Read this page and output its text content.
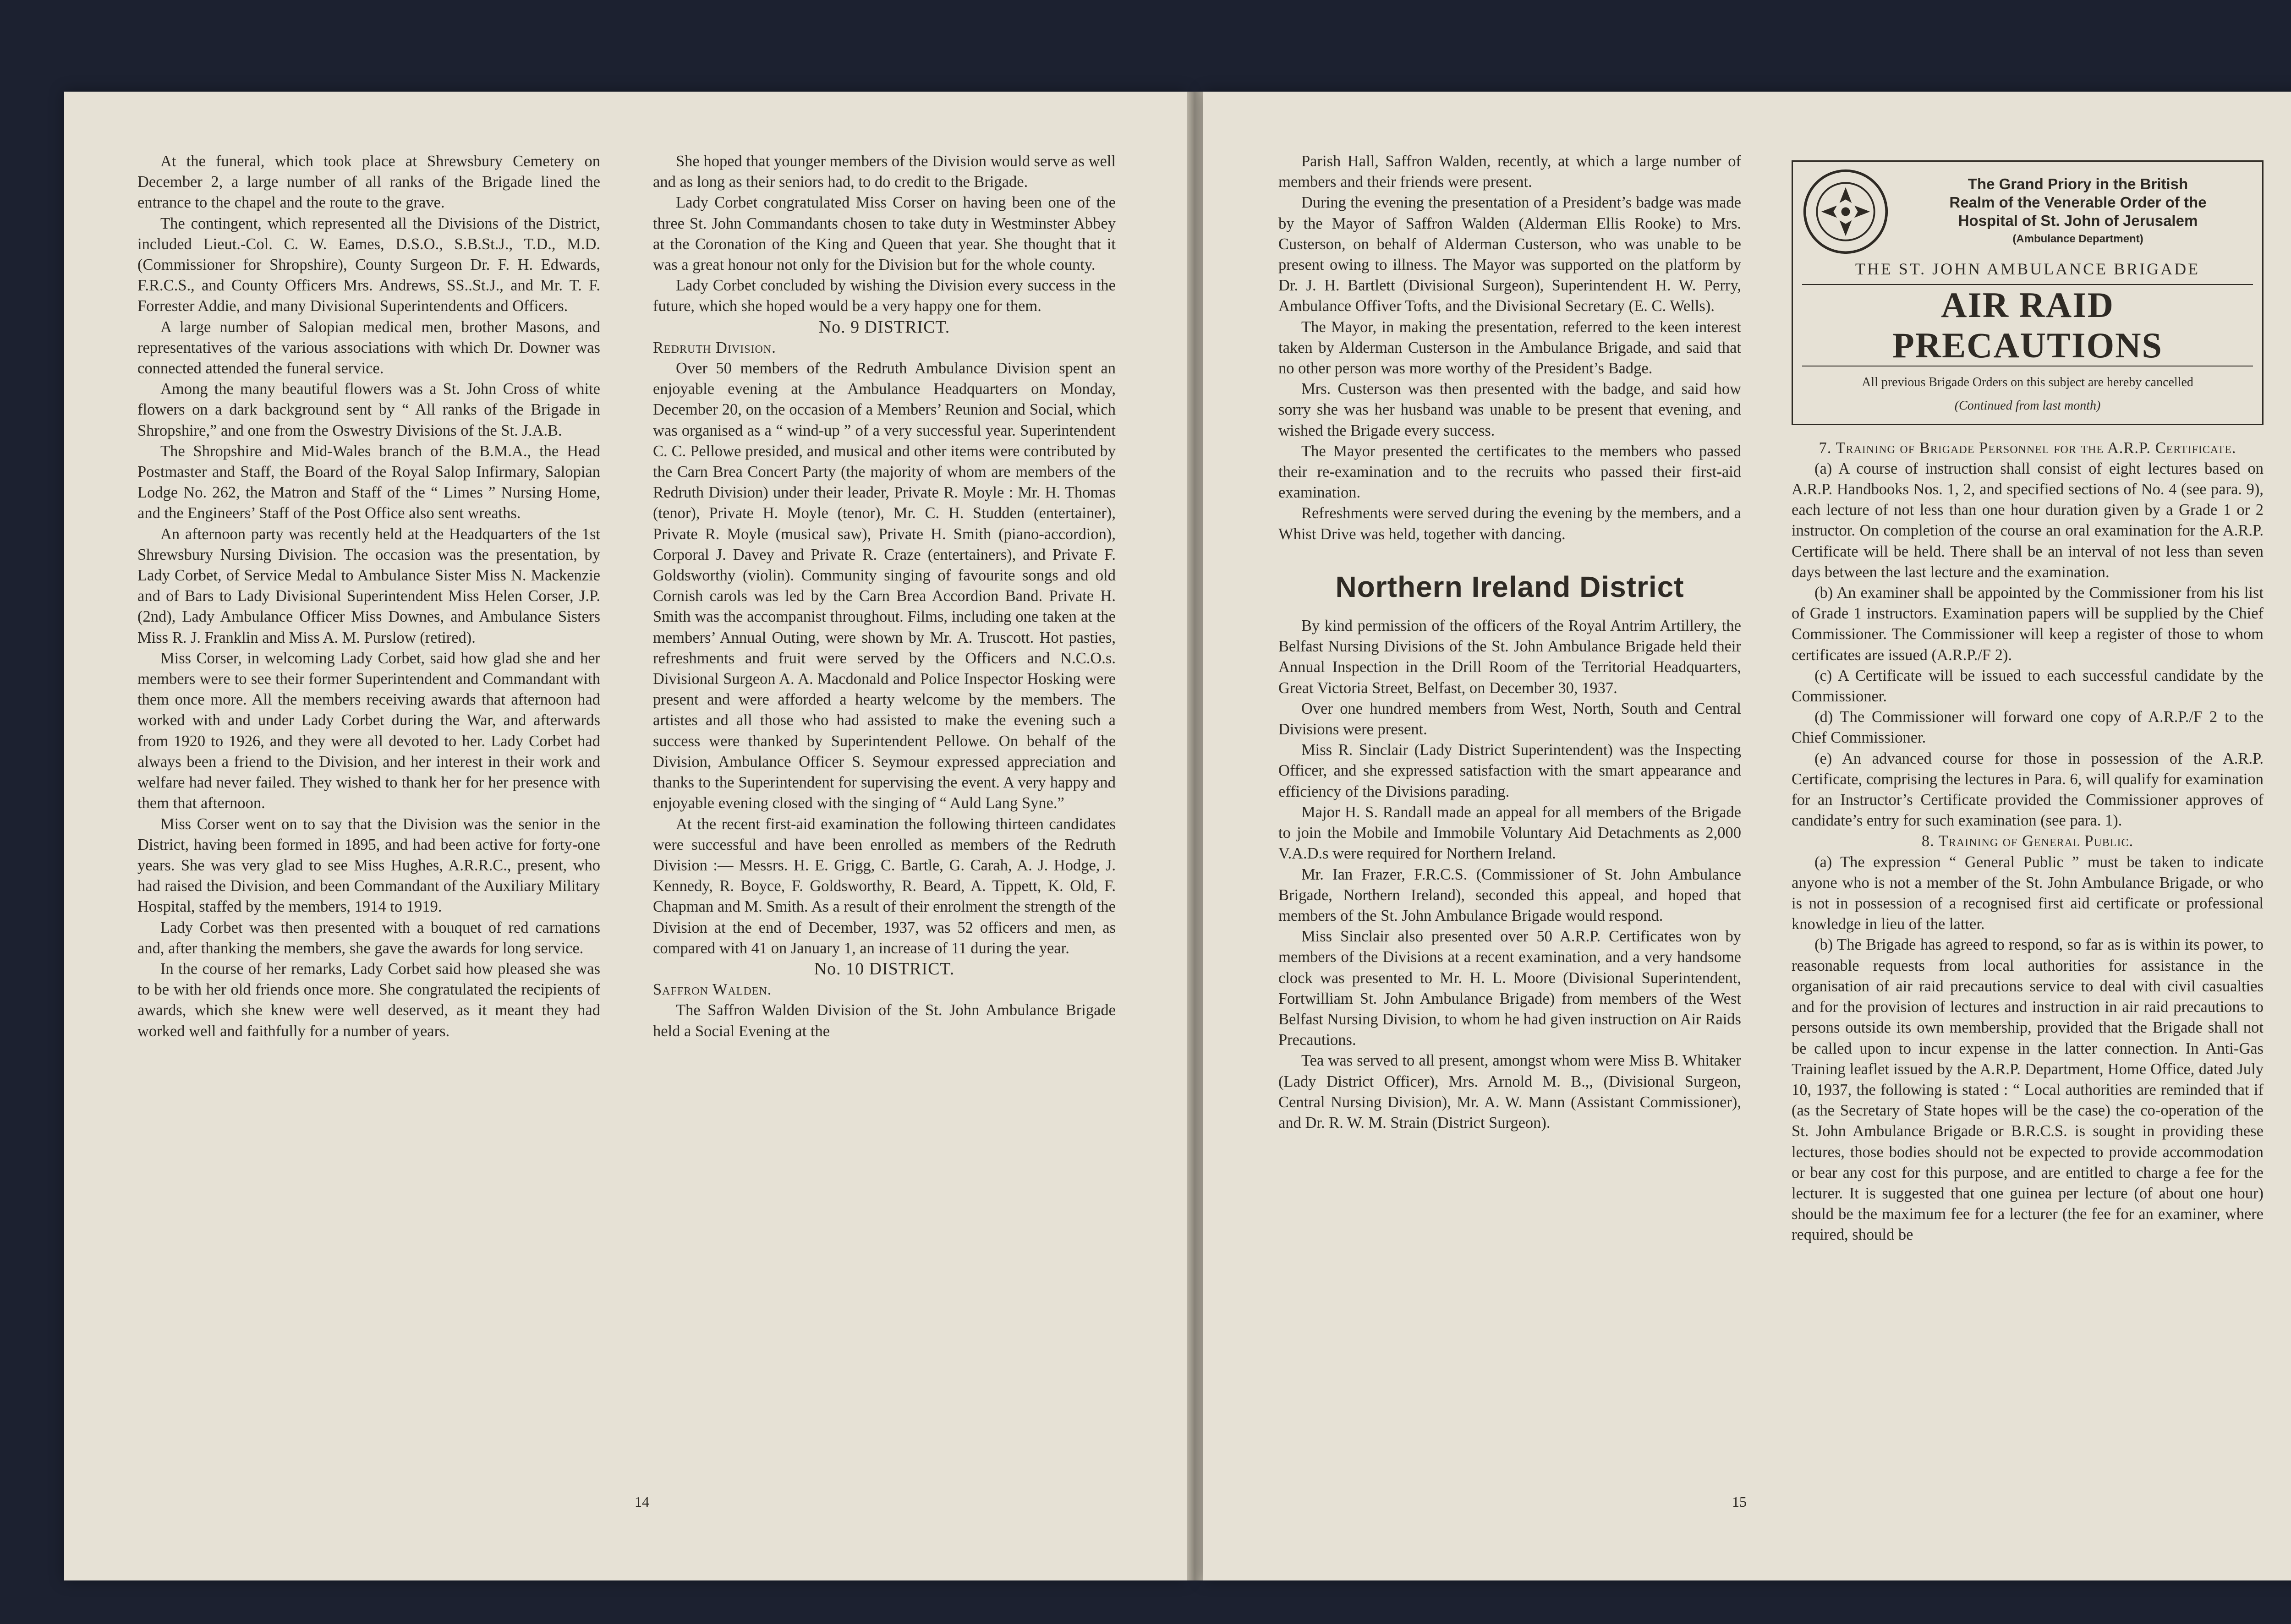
At the funeral, which took place at Shrewsbury Cemetery on December 2, a large number of all ranks of the Brigade lined the entrance to the chapel and the route to the grave.

The contingent, which represented all the Divisions of the District, included Lieut.-Col. C. W. Eames, D.S.O., S.B.St.J., T.D., M.D. (Commissioner for Shropshire), County Surgeon Dr. F. H. Edwards, F.R.C.S., and County Officers Mrs. Andrews, SS..St.J., and Mr. T. F. Forrester Addie, and many Divisional Superintendents and Officers.

A large number of Salopian medical men, brother Masons, and representatives of the various associations with which Dr. Downer was connected attended the funeral service.

Among the many beautiful flowers was a St. John Cross of white flowers on a dark background sent by “ All ranks of the Brigade in Shropshire,” and one from the Oswestry Divisions of the St. J.A.B.

The Shropshire and Mid-Wales branch of the B.M.A., the Head Postmaster and Staff, the Board of the Royal Salop Infirmary, Salopian Lodge No. 262, the Matron and Staff of the “ Limes ” Nursing Home, and the Engineers’ Staff of the Post Office also sent wreaths.

An afternoon party was recently held at the Headquarters of the 1st Shrewsbury Nursing Division. The occasion was the presentation, by Lady Corbet, of Service Medal to Ambulance Sister Miss N. Mackenzie and of Bars to Lady Divisional Superintendent Miss Helen Corser, J.P. (2nd), Lady Ambulance Officer Miss Downes, and Ambulance Sisters Miss R. J. Franklin and Miss A. M. Purslow (retired).

Miss Corser, in welcoming Lady Corbet, said how glad she and her members were to see their former Superintendent and Commandant with them once more. All the members receiving awards that afternoon had worked with and under Lady Corbet during the War, and afterwards from 1920 to 1926, and they were all devoted to her. Lady Corbet had always been a friend to the Division, and her interest in their work and welfare had never failed. They wished to thank her for her presence with them that afternoon.

Miss Corser went on to say that the Division was the senior in the District, having been formed in 1895, and had been active for forty-one years. She was very glad to see Miss Hughes, A.R.R.C., present, who had raised the Division, and been Commandant of the Auxiliary Military Hospital, staffed by the members, 1914 to 1919.

Lady Corbet was then presented with a bouquet of red carnations and, after thanking the members, she gave the awards for long service.

In the course of her remarks, Lady Corbet said how pleased she was to be with her old friends once more. She congratulated the recipients of awards, which she knew were well deserved, as it meant they had worked well and faithfully for a number of years.

She hoped that younger members of the Division would serve as well and as long as their seniors had, to do credit to the Brigade.

Lady Corbet congratulated Miss Corser on having been one of the three St. John Commandants chosen to take duty in Westminster Abbey at the Coronation of the King and Queen that year. She thought that it was a great honour not only for the Division but for the whole county.

Lady Corbet concluded by wishing the Division every success in the future, which she hoped would be a very happy one for them.

No. 9 DISTRICT.

Redruth Division.

Over 50 members of the Redruth Ambulance Division spent an enjoyable evening at the Ambulance Headquarters on Monday, December 20, on the occasion of a Members’ Reunion and Social, which was organised as a “ wind-up ” of a very successful year. Superintendent C. C. Pellowe presided, and musical and other items were contributed by the Carn Brea Concert Party (the majority of whom are members of the Redruth Division) under their leader, Private R. Moyle : Mr. H. Thomas (tenor), Private H. Moyle (tenor), Mr. C. H. Studden (entertainer), Private R. Moyle (musical saw), Private H. Smith (piano-accordion), Corporal J. Davey and Private R. Craze (entertainers), and Private F. Goldsworthy (violin). Community singing of favourite songs and old Cornish carols was led by the Carn Brea Accordion Band. Private H. Smith was the accompanist throughout. Films, including one taken at the members’ Annual Outing, were shown by Mr. A. Truscott. Hot pasties, refreshments and fruit were served by the Officers and N.C.O.s. Divisional Surgeon A. A. Macdonald and Police Inspector Hosking were present and were afforded a hearty welcome by the members. The artistes and all those who had assisted to make the evening such a success were thanked by Superintendent Pellowe. On behalf of the Division, Ambulance Officer S. Seymour expressed appreciation and thanks to the Superintendent for supervising the event. A very happy and enjoyable evening closed with the singing of “ Auld Lang Syne.”

At the recent first-aid examination the following thirteen candidates were successful and have been enrolled as members of the Redruth Division :— Messrs. H. E. Grigg, C. Bartle, G. Carah, A. J. Hodge, J. Kennedy, R. Boyce, F. Goldsworthy, R. Beard, A. Tippett, K. Old, F. Chapman and M. Smith. As a result of their enrolment the strength of the Division at the end of December, 1937, was 52 officers and men, as compared with 41 on January 1, an increase of 11 during the year.

No. 10 DISTRICT.

Saffron Walden.

The Saffron Walden Division of the St. John Ambulance Brigade held a Social Evening at the

14

Parish Hall, Saffron Walden, recently, at which a large number of members and their friends were present.

During the evening the presentation of a President’s badge was made by the Mayor of Saffron Walden (Alderman Ellis Rooke) to Mrs. Custerson, on behalf of Alderman Custerson, who was unable to be present owing to illness. The Mayor was supported on the platform by Dr. J. H. Bartlett (Divisional Surgeon), Superintendent H. W. Perry, Ambulance Offiver Tofts, and the Divisional Secretary (E. C. Wells).

The Mayor, in making the presentation, referred to the keen interest taken by Alderman Custerson in the Ambulance Brigade, and said that no other person was more worthy of the President’s Badge.

Mrs. Custerson was then presented with the badge, and said how sorry she was her husband was unable to be present that evening, and wished the Brigade every success.

The Mayor presented the certificates to the members who passed their re-examination and to the recruits who passed their first-aid examination.

Refreshments were served during the evening by the members, and a Whist Drive was held, together with dancing.

Northern Ireland District

By kind permission of the officers of the Royal Antrim Artillery, the Belfast Nursing Divisions of the St. John Ambulance Brigade held their Annual Inspection in the Drill Room of the Territorial Headquarters, Great Victoria Street, Belfast, on December 30, 1937.

Over one hundred members from West, North, South and Central Divisions were present.

Miss R. Sinclair (Lady District Superintendent) was the Inspecting Officer, and she expressed satisfaction with the smart appearance and efficiency of the Divisions parading.

Major H. S. Randall made an appeal for all members of the Brigade to join the Mobile and Immobile Voluntary Aid Detachments as 2,000 V.A.D.s were required for Northern Ireland.

Mr. Ian Frazer, F.R.C.S. (Commissioner of St. John Ambulance Brigade, Northern Ireland), seconded this appeal, and hoped that members of the St. John Ambulance Brigade would respond.

Miss Sinclair also presented over 50 A.R.P. Certificates won by members of the Divisions at a recent examination, and a very handsome clock was presented to Mr. H. L. Moore (Divisional Superintendent, Fortwilliam St. John Ambulance Brigade) from members of the West Belfast Nursing Division, to whom he had given instruction on Air Raids Precautions.

Tea was served to all present, amongst whom were Miss B. Whitaker (Lady District Officer), Mrs. Arnold M. B.,, (Divisional Surgeon, Central Nursing Division), Mr. A. W. Mann (Assistant Commissioner), and Dr. R. W. M. Strain (District Surgeon).

The Grand Priory in the British
Realm of the Venerable Order of the
Hospital of St. John of Jerusalem
(Ambulance Department)
THE ST. JOHN AMBULANCE BRIGADE
AIR RAID PRECAUTIONS
All previous Brigade Orders on this subject are hereby cancelled
(Continued from last month)

7. Training of Brigade Personnel for the A.R.P. Certificate.

(a) A course of instruction shall consist of eight lectures based on A.R.P. Handbooks Nos. 1, 2, and specified sections of No. 4 (see para. 9), each lecture of not less than one hour duration given by a Grade 1 or 2 instructor. On completion of the course an oral examination for the A.R.P. Certificate will be held. There shall be an interval of not less than seven days between the last lecture and the examination.

(b) An examiner shall be appointed by the Commissioner from his list of Grade 1 instructors. Examination papers will be supplied by the Chief Commissioner. The Commissioner will keep a register of those to whom certificates are issued (A.R.P./F 2).

(c) A Certificate will be issued to each successful candidate by the Commissioner.

(d) The Commissioner will forward one copy of A.R.P./F 2 to the Chief Commissioner.

(e) An advanced course for those in possession of the A.R.P. Certificate, comprising the lectures in Para. 6, will qualify for examination for an Instructor’s Certificate provided the Commissioner approves of candidate’s entry for such examination (see para. 1).

8. Training of General Public.

(a) The expression “ General Public ” must be taken to indicate anyone who is not a member of the St. John Ambulance Brigade, or who is not in possession of a recognised first aid certificate or professional knowledge in lieu of the latter.

(b) The Brigade has agreed to respond, so far as is within its power, to reasonable requests from local authorities for assistance in the organisation of air raid precautions service to deal with civil casualties and for the provision of lectures and instruction in air raid precautions to persons outside its own membership, provided that the Brigade shall not be called upon to incur expense in the latter connection. In Anti-Gas Training leaflet issued by the A.R.P. Department, Home Office, dated July 10, 1937, the following is stated : “ Local authorities are reminded that if (as the Secretary of State hopes will be the case) the co-operation of the St. John Ambulance Brigade or B.R.C.S. is sought in providing these lectures, those bodies should not be expected to provide accommodation or bear any cost for this purpose, and are entitled to charge a fee for the lecturer. It is suggested that one guinea per lecture (of about one hour) should be the maximum fee for a lecturer (the fee for an examiner, where required, should be

15
